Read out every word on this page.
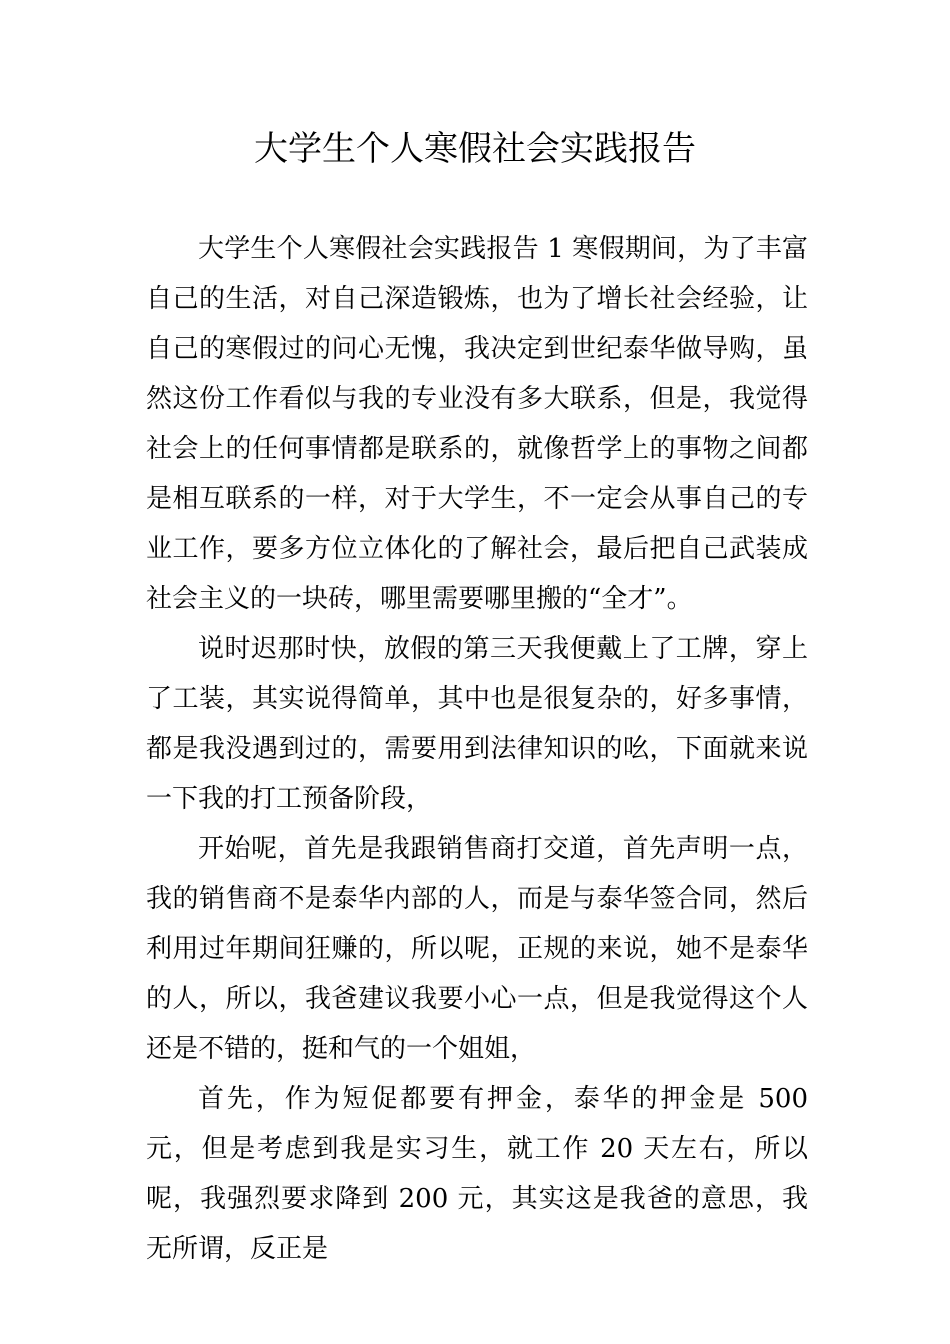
大学生个人寒假社会实践报告

大学生个人寒假社会实践报告 1 寒假期间，为了丰富自己的生活，对自己深造锻炼，也为了增长社会经验，让自己的寒假过的问心无愧，我决定到世纪泰华做导购，虽然这份工作看似与我的专业没有多大联系，但是，我觉得社会上的任何事情都是联系的，就像哲学上的事物之间都是相互联系的一样，对于大学生，不一定会从事自己的专业工作，要多方位立体化的了解社会，最后把自己武装成社会主义的一块砖，哪里需要哪里搬的“全才”。

说时迟那时快，放假的第三天我便戴上了工牌，穿上了工装，其实说得简单，其中也是很复杂的，好多事情，都是我没遇到过的，需要用到法律知识的吆，下面就来说一下我的打工预备阶段，

开始呢，首先是我跟销售商打交道，首先声明一点，我的销售商不是泰华内部的人，而是与泰华签合同，然后利用过年期间狂赚的，所以呢，正规的来说，她不是泰华的人，所以，我爸建议我要小心一点，但是我觉得这个人还是不错的，挺和气的一个姐姐，

首先，作为短促都要有押金，泰华的押金是 500 元，但是考虑到我是实习生，就工作 20 天左右，所以呢，我强烈要求降到 200 元，其实这是我爸的意思，我无所谓，反正是
